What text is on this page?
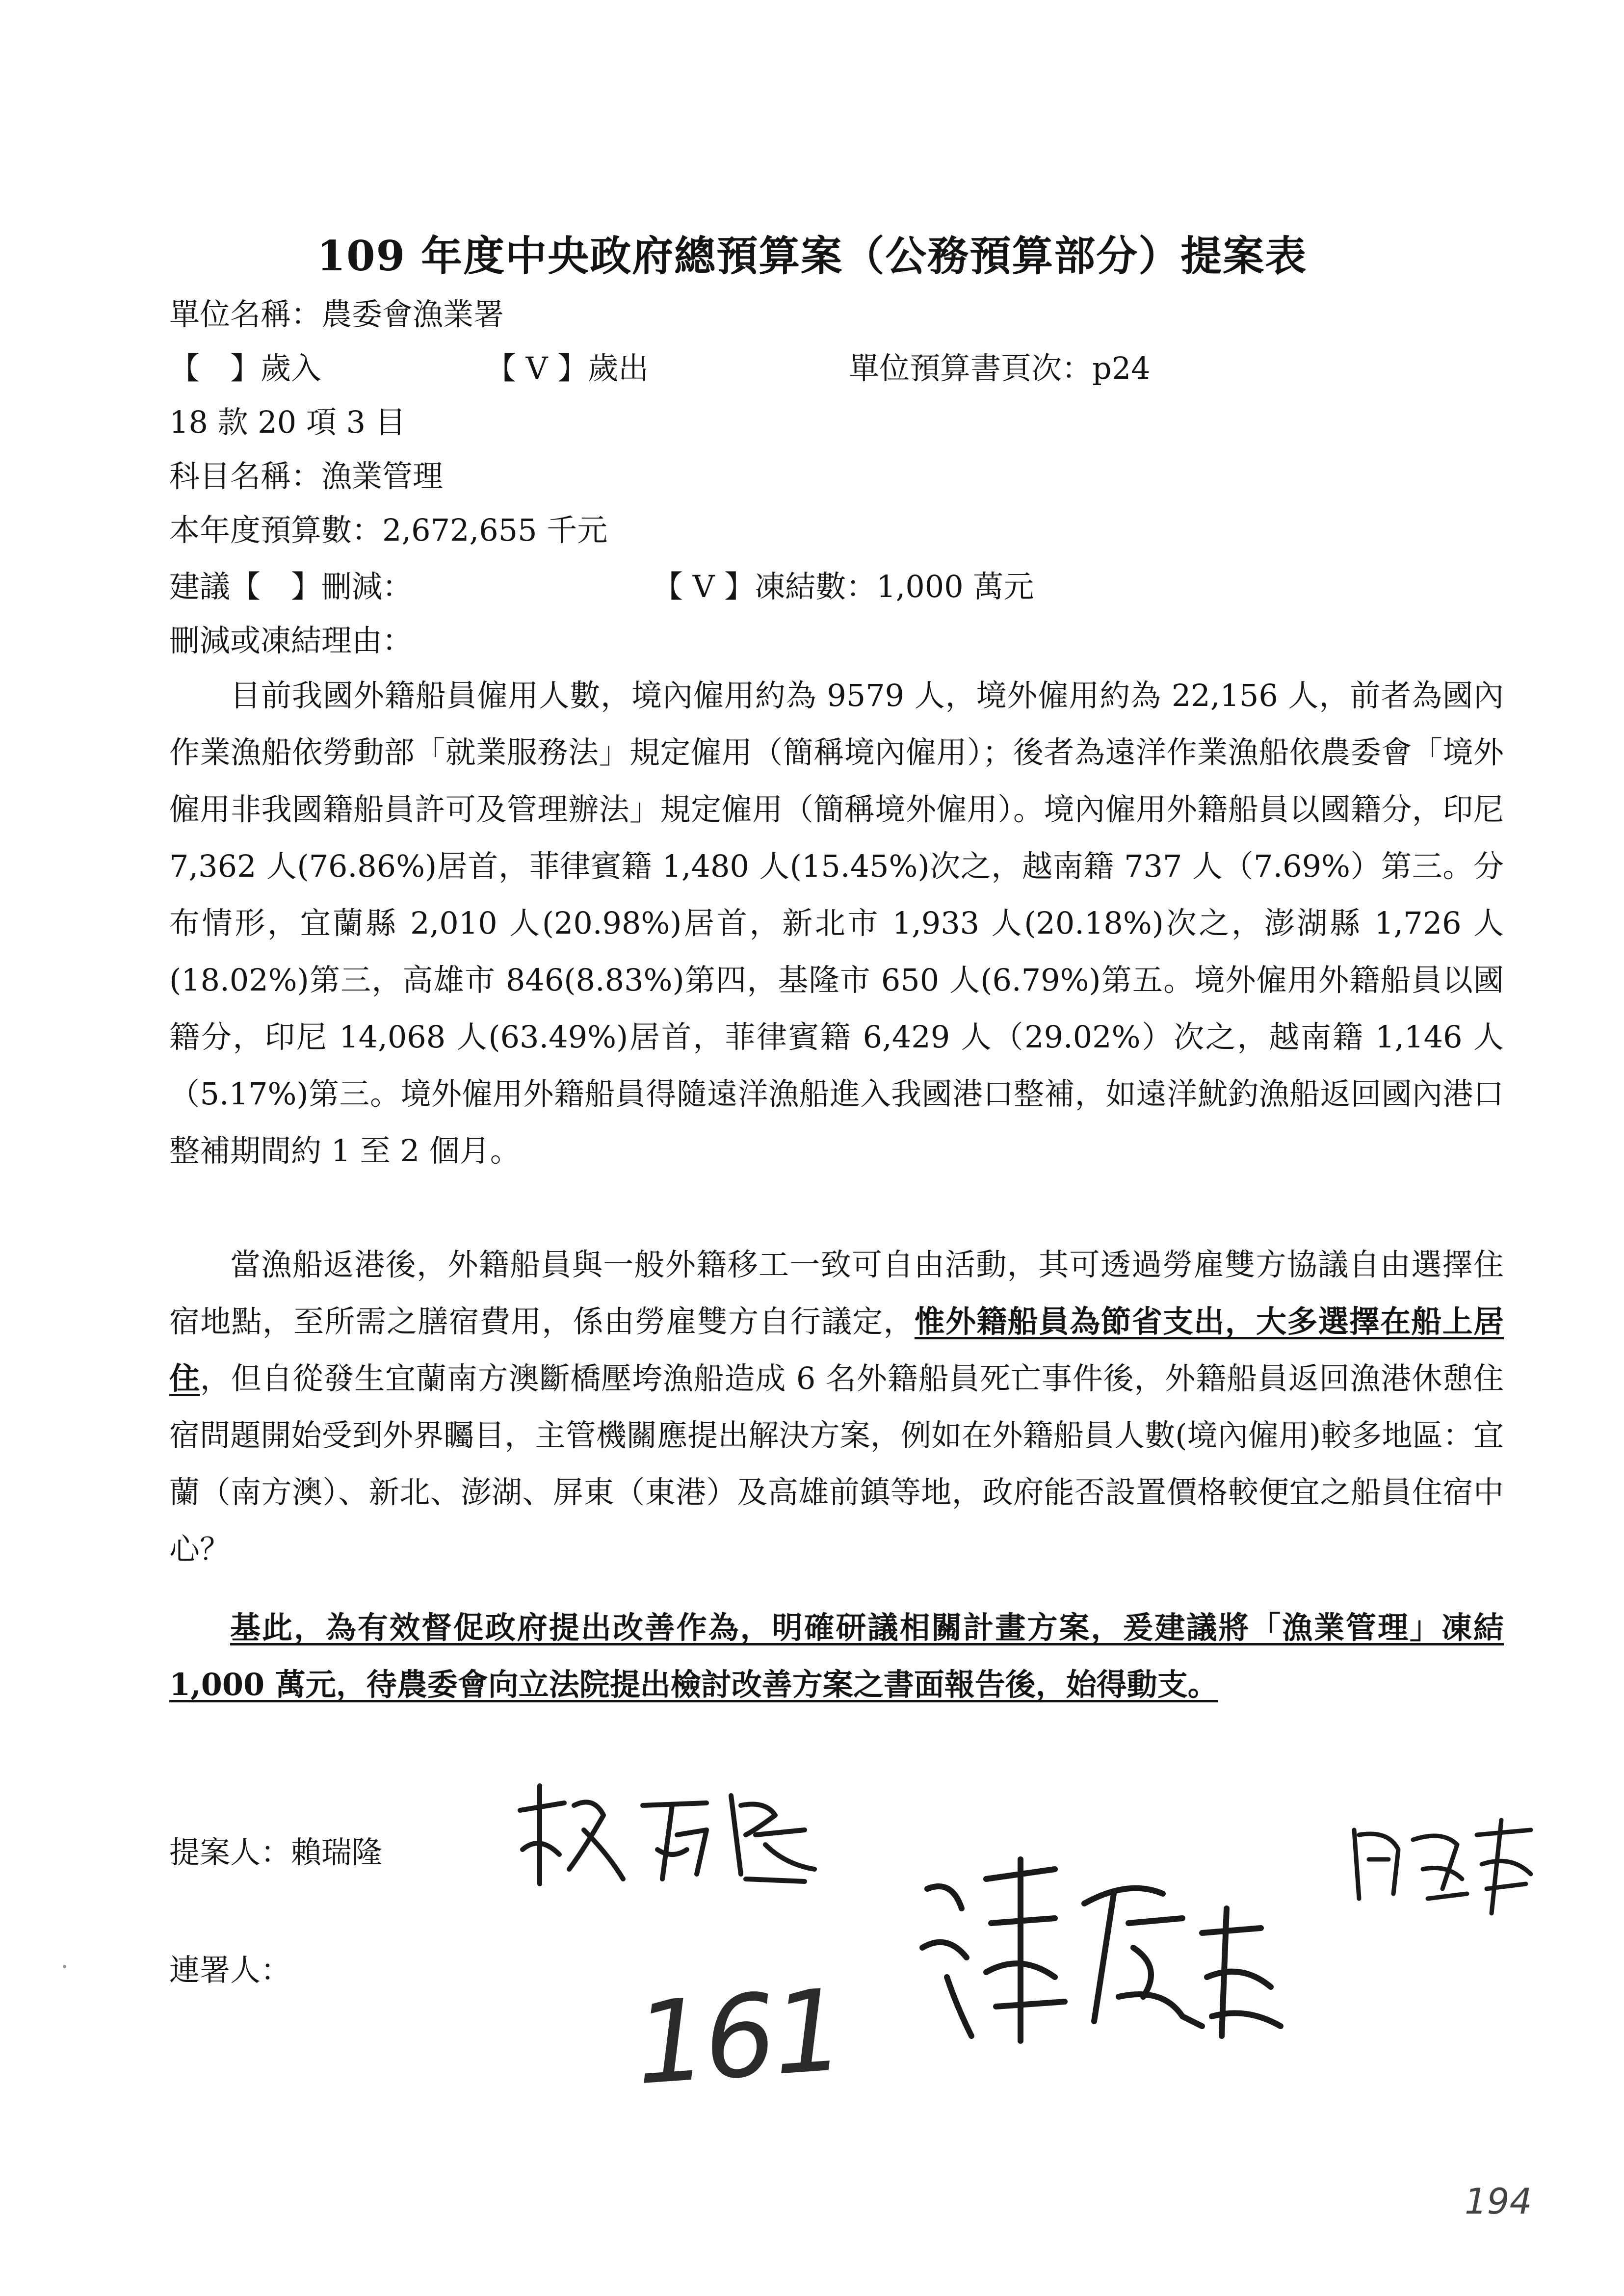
109 年度中央政府總預算案（公務預算部分）提案表

單位名稱：農委會漁業署

【　】歲入	【 V 】歲出	單位預算書頁次：p24

18 款 20 項 3 目

科目名稱：漁業管理

本年度預算數：2,672,655 千元

建議【　】刪減：	【 V 】凍結數：1,000 萬元

刪減或凍結理由：

目前我國外籍船員僱用人數，境內僱用約為 9579 人，境外僱用約為 22,156 人，前者為國內作業漁船依勞動部「就業服務法」規定僱用（簡稱境內僱用）；後者為遠洋作業漁船依農委會「境外僱用非我國籍船員許可及管理辦法」規定僱用（簡稱境外僱用）。境內僱用外籍船員以國籍分，印尼 7,362 人(76.86%)居首，菲律賓籍 1,480 人(15.45%)次之，越南籍 737 人（7.69%）第三。分布情形，宜蘭縣 2,010 人(20.98%)居首，新北市 1,933 人(20.18%)次之，澎湖縣 1,726 人(18.02%)第三，高雄市 846(8.83%)第四，基隆市 650 人(6.79%)第五。境外僱用外籍船員以國籍分，印尼 14,068 人(63.49%)居首，菲律賓籍 6,429 人（29.02%）次之，越南籍 1,146 人（5.17%)第三。境外僱用外籍船員得隨遠洋漁船進入我國港口整補，如遠洋魷釣漁船返回國內港口整補期間約 1 至 2 個月。

當漁船返港後，外籍船員與一般外籍移工一致可自由活動，其可透過勞雇雙方協議自由選擇住宿地點，至所需之膳宿費用，係由勞雇雙方自行議定，惟外籍船員為節省支出，大多選擇在船上居住，但自從發生宜蘭南方澳斷橋壓垮漁船造成 6 名外籍船員死亡事件後，外籍船員返回漁港休憩住宿問題開始受到外界矚目，主管機關應提出解決方案，例如在外籍船員人數(境內僱用)較多地區：宜蘭（南方澳）、新北、澎湖、屏東（東港）及高雄前鎮等地，政府能否設置價格較便宜之船員住宿中心？

基此，為有效督促政府提出改善作為，明確研議相關計畫方案，爰建議將「漁業管理」凍結 1,000 萬元，待農委會向立法院提出檢討改善方案之書面報告後，始得動支。

提案人：賴瑞隆

連署人：	161
194
